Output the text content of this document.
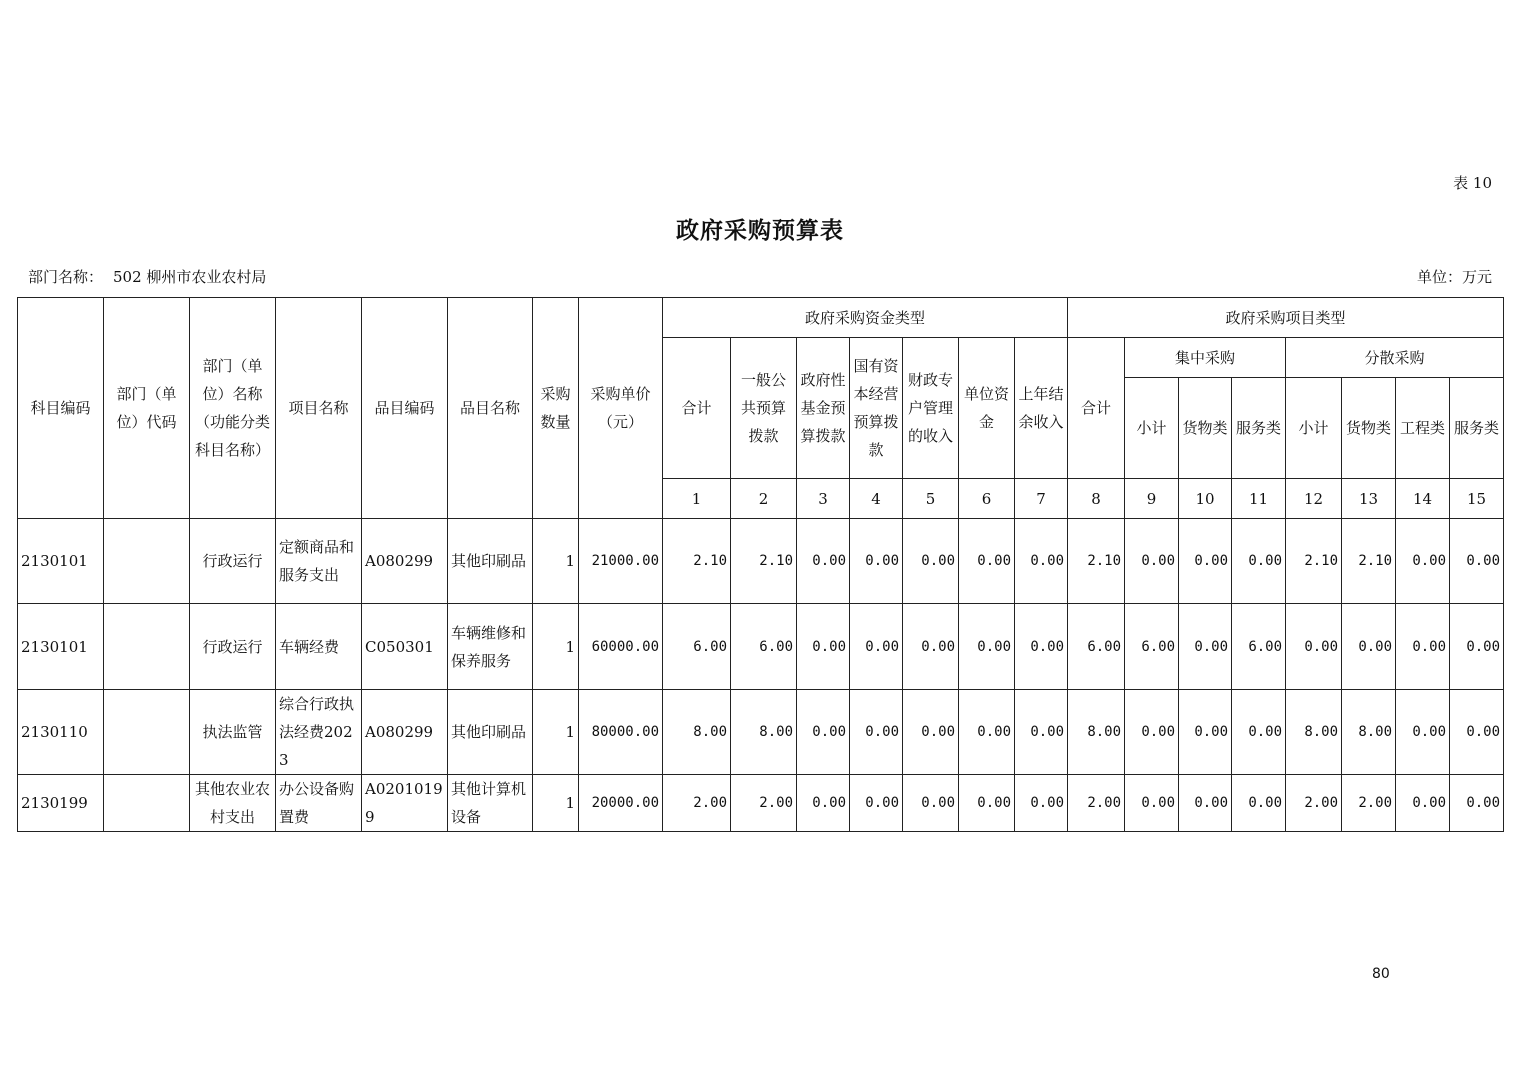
表 10
政府采购预算表
部门名称： 502 柳州市农业农村局	单位：万元
科目编码	部门（单位）代码	部门（单位）名称（功能分类科目名称）	项目名称	品目编码	品目名称	采购数量	采购单价（元）	政府采购资金类型							政府采购项目类型							
								合计	一般公共预算拨款	政府性基金预算拨款	国有资本经营预算拨款	财政专户管理的收入	单位资金	上年结余收入	合计	集中采购			分散采购			
																小计	货物类	服务类	小计	货物类	工程类	服务类
								1	2	3	4	5	6	7	8	9	10	11	12	13	14	15
2130101		行政运行	定额商品和服务支出	A080299	其他印刷品	1	21000.00	2.10	2.10	0.00	0.00	0.00	0.00	0.00	2.10	0.00	0.00	0.00	2.10	2.10	0.00	0.00
2130101		行政运行	车辆经费	C050301	车辆维修和保养服务	1	60000.00	6.00	6.00	0.00	0.00	0.00	0.00	0.00	6.00	6.00	0.00	6.00	0.00	0.00	0.00	0.00
2130110		执法监管	综合行政执法经费2023	A080299	其他印刷品	1	80000.00	8.00	8.00	0.00	0.00	0.00	0.00	0.00	8.00	0.00	0.00	0.00	8.00	8.00	0.00	0.00
2130199		其他农业农村支出	办公设备购置费	A02010199	其他计算机设备	1	20000.00	2.00	2.00	0.00	0.00	0.00	0.00	0.00	2.00	0.00	0.00	0.00	2.00	2.00	0.00	0.00
80
